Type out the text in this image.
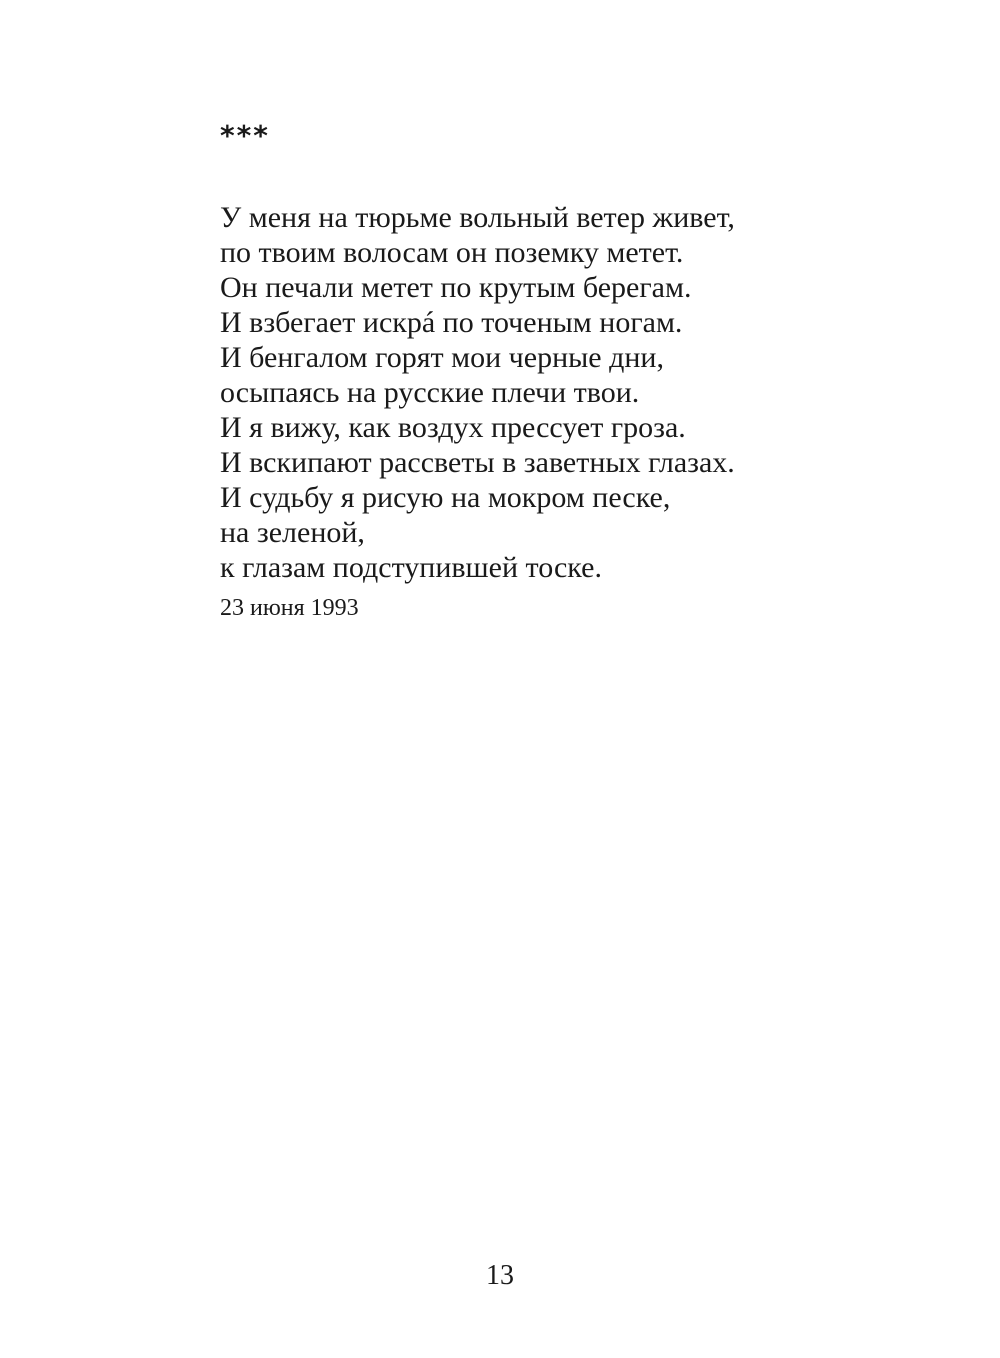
***
У меня на тюрьме вольный ветер живет,
по твоим волосам он поземку метет.
Он печали метет по крутым берегам.
И взбегает искрá по точеным ногам.
И бенгалом горят мои черные дни,
осыпаясь на русские плечи твои.
И я вижу, как воздух прессует гроза.
И вскипают рассветы в заветных глазах.
И судьбу я рисую на мокром песке,
на зеленой,
к глазам подступившей тоске.
23 июня 1993
13
